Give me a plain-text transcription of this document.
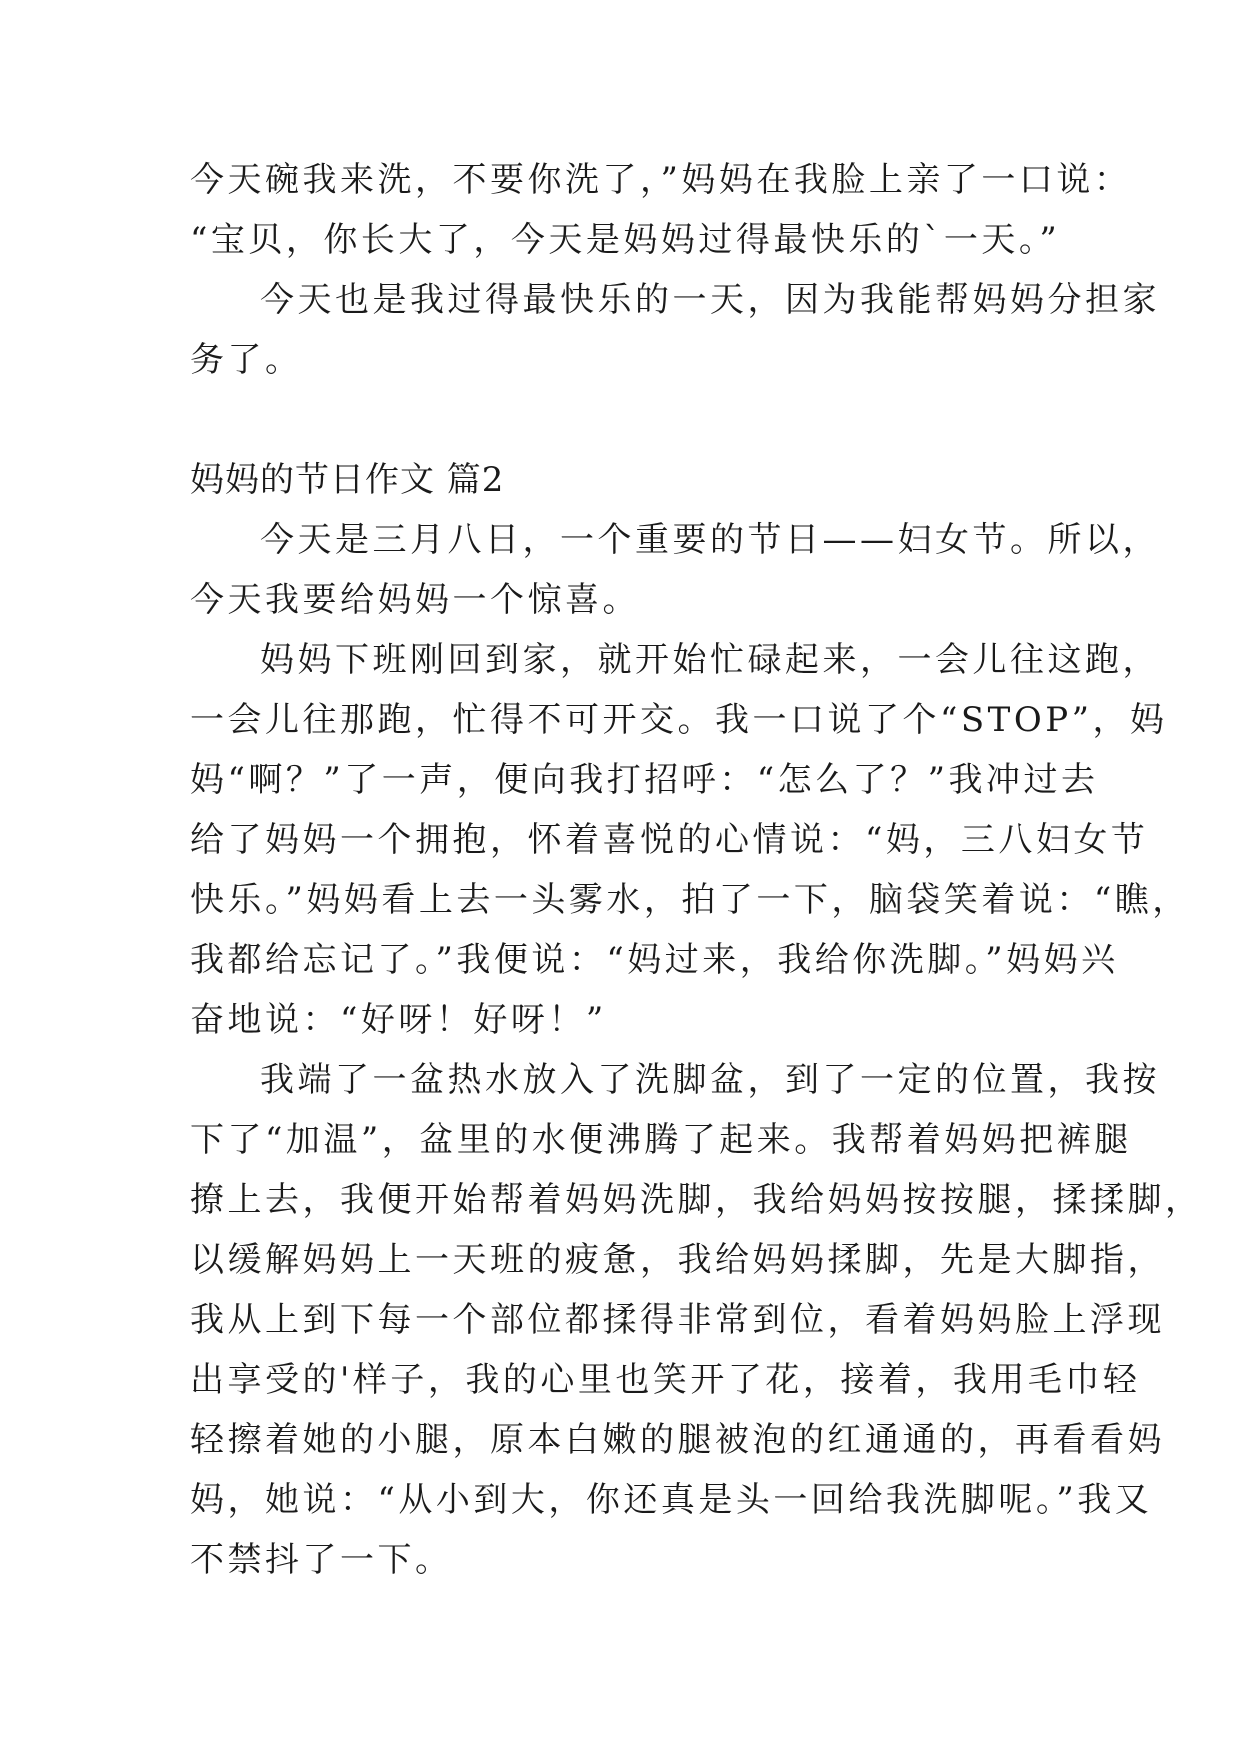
今天碗我来洗，不要你洗了，”妈妈在我脸上亲了一口说：
“宝贝，你长大了，今天是妈妈过得最快乐的`一天。”
今天也是我过得最快乐的一天，因为我能帮妈妈分担家
务了。
妈妈的节日作文 篇2
今天是三月八日，一个重要的节日——妇女节。所以，
今天我要给妈妈一个惊喜。
妈妈下班刚回到家，就开始忙碌起来，一会儿往这跑，
一会儿往那跑，忙得不可开交。我一口说了个“STOP”，妈
妈“啊？”了一声，便向我打招呼：“怎么了？”我冲过去
给了妈妈一个拥抱，怀着喜悦的心情说：“妈，三八妇女节
快乐。”妈妈看上去一头雾水，拍了一下，脑袋笑着说：“瞧，
我都给忘记了。”我便说：“妈过来，我给你洗脚。”妈妈兴
奋地说：“好呀！好呀！”
我端了一盆热水放入了洗脚盆，到了一定的位置，我按
下了“加温”，盆里的水便沸腾了起来。我帮着妈妈把裤腿
撩上去，我便开始帮着妈妈洗脚，我给妈妈按按腿，揉揉脚，
以缓解妈妈上一天班的疲惫，我给妈妈揉脚，先是大脚指，
我从上到下每一个部位都揉得非常到位，看着妈妈脸上浮现
出享受的'样子，我的心里也笑开了花，接着，我用毛巾轻
轻擦着她的小腿，原本白嫩的腿被泡的红通通的，再看看妈
妈，她说：“从小到大，你还真是头一回给我洗脚呢。”我又
不禁抖了一下。
